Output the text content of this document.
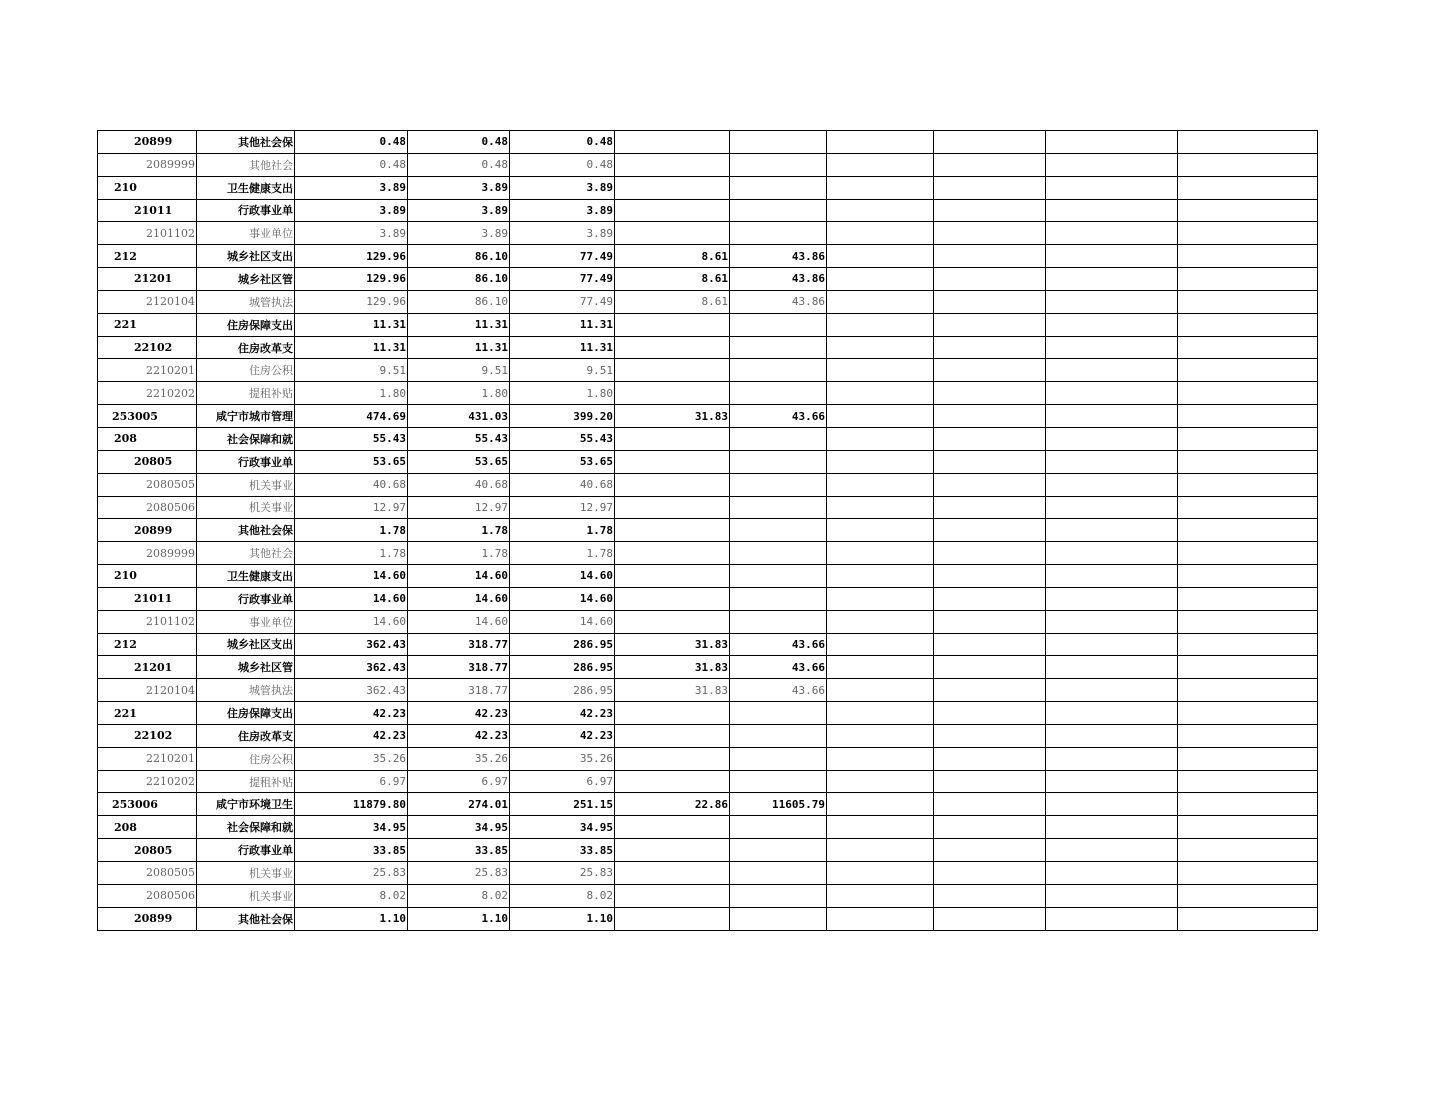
20899	其他社会保	0.48	0.48	0.48						
2089999	其他社会	0.48	0.48	0.48						
210	卫生健康支出	3.89	3.89	3.89						
21011	行政事业单	3.89	3.89	3.89						
2101102	事业单位	3.89	3.89	3.89						
212	城乡社区支出	129.96	86.10	77.49	8.61	43.86				
21201	城乡社区管	129.96	86.10	77.49	8.61	43.86				
2120104	城管执法	129.96	86.10	77.49	8.61	43.86				
221	住房保障支出	11.31	11.31	11.31						
22102	住房改革支	11.31	11.31	11.31						
2210201	住房公积	9.51	9.51	9.51						
2210202	提租补贴	1.80	1.80	1.80						
253005	咸宁市城市管理	474.69	431.03	399.20	31.83	43.66				
208	社会保障和就	55.43	55.43	55.43						
20805	行政事业单	53.65	53.65	53.65						
2080505	机关事业	40.68	40.68	40.68						
2080506	机关事业	12.97	12.97	12.97						
20899	其他社会保	1.78	1.78	1.78						
2089999	其他社会	1.78	1.78	1.78						
210	卫生健康支出	14.60	14.60	14.60						
21011	行政事业单	14.60	14.60	14.60						
2101102	事业单位	14.60	14.60	14.60						
212	城乡社区支出	362.43	318.77	286.95	31.83	43.66				
21201	城乡社区管	362.43	318.77	286.95	31.83	43.66				
2120104	城管执法	362.43	318.77	286.95	31.83	43.66				
221	住房保障支出	42.23	42.23	42.23						
22102	住房改革支	42.23	42.23	42.23						
2210201	住房公积	35.26	35.26	35.26						
2210202	提租补贴	6.97	6.97	6.97						
253006	咸宁市环境卫生	11879.80	274.01	251.15	22.86	11605.79				
208	社会保障和就	34.95	34.95	34.95						
20805	行政事业单	33.85	33.85	33.85						
2080505	机关事业	25.83	25.83	25.83						
2080506	机关事业	8.02	8.02	8.02						
20899	其他社会保	1.10	1.10	1.10						
